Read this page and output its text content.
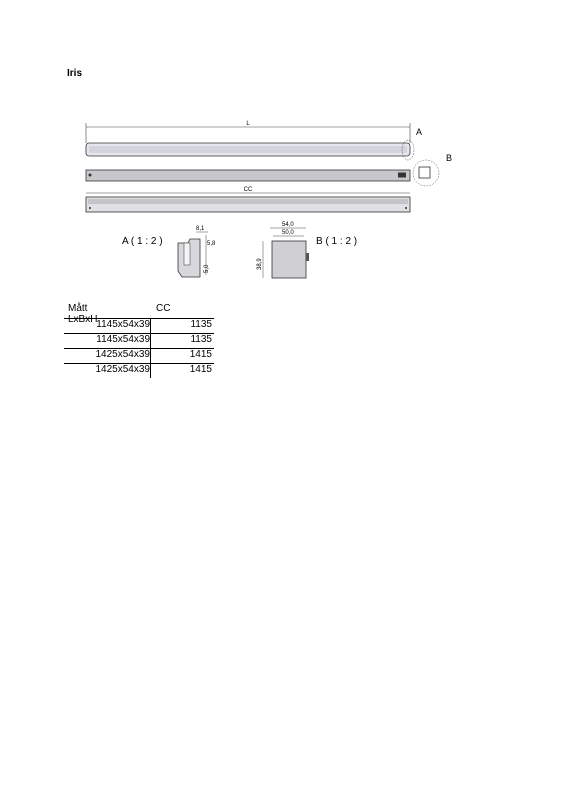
Iris
L
A
B
CC
A ( 1 : 2 )
8,1
5,8
5,0
54,0
50,0
38,9
B ( 1 : 2 )
Mått LxBxH
CC
1145x54x39	1135
1145x54x39	1135
1425x54x39	1415
1425x54x39	1415
